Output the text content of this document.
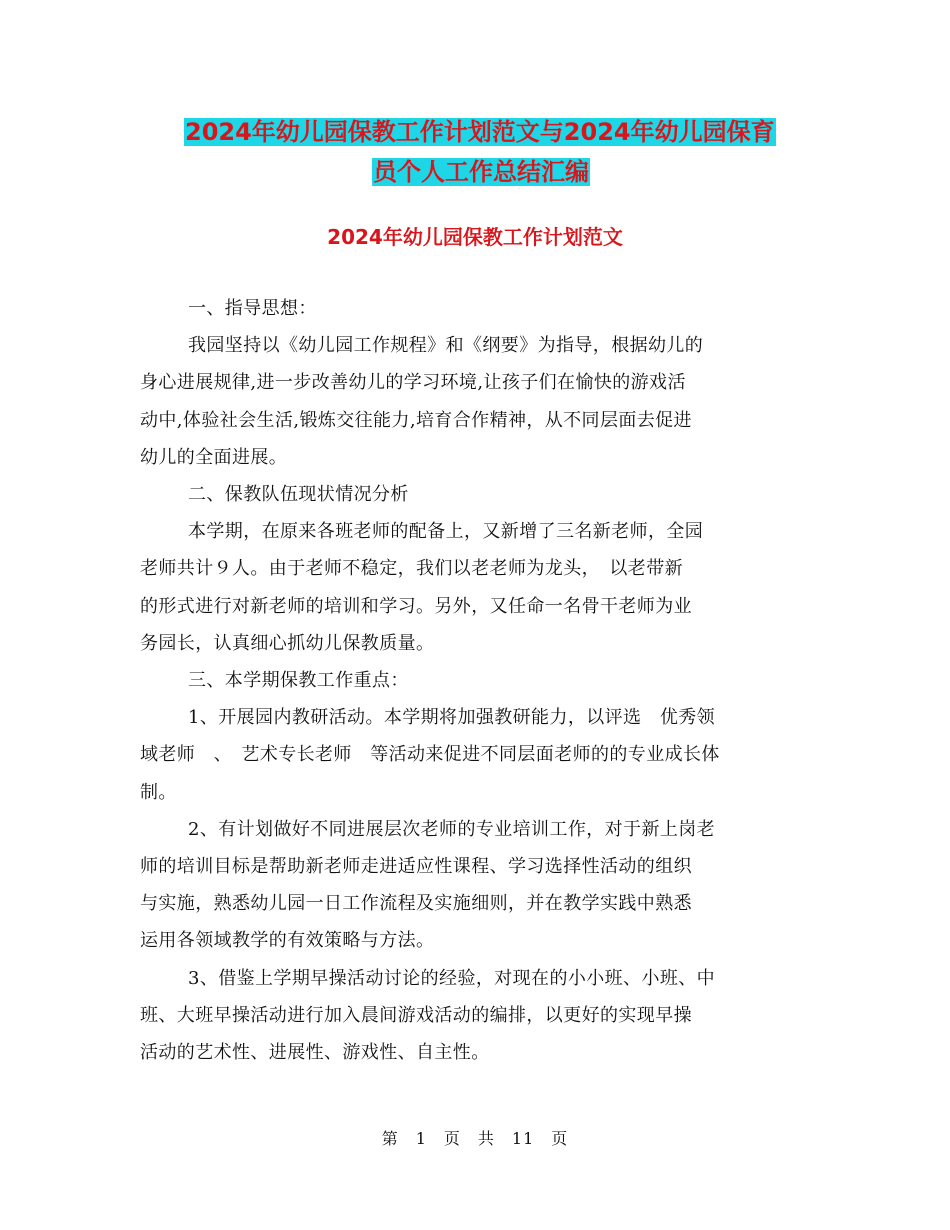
2024年幼儿园保教工作计划范文与2024年幼儿园保育
员个人工作总结汇编
2024年幼儿园保教工作计划范文

一、指导思想：

我园坚持以《幼儿园工作规程》和《纲要》为指导，根据幼儿的
身心进展规律,进一步改善幼儿的学习环境,让孩子们在愉快的游戏活
动中,体验社会生活,锻炼交往能力,培育合作精神，从不同层面去促进
幼儿的全面进展。

二、保教队伍现状情况分析

本学期，在原来各班老师的配备上，又新增了三名新老师，全园
老师共计９人。由于老师不稳定，我们以老老师为龙头，　以老带新
的形式进行对新老师的培训和学习。另外，又任命一名骨干老师为业
务园长，认真细心抓幼儿保教质量。

三、本学期保教工作重点：

1、开展园内教研活动。本学期将加强教研能力，以评选　优秀领
域老师　、　艺术专长老师　等活动来促进不同层面老师的的专业成长体
制。

2、有计划做好不同进展层次老师的专业培训工作，对于新上岗老
师的培训目标是帮助新老师走进适应性课程、学习选择性活动的组织
与实施，熟悉幼儿园一日工作流程及实施细则，并在教学实践中熟悉
运用各领域教学的有效策略与方法。

3、借鉴上学期早操活动讨论的经验，对现在的小小班、小班、中
班、大班早操活动进行加入晨间游戏活动的编排，以更好的实现早操
活动的艺术性、进展性、游戏性、自主性。

第　1　页　共　11　页
